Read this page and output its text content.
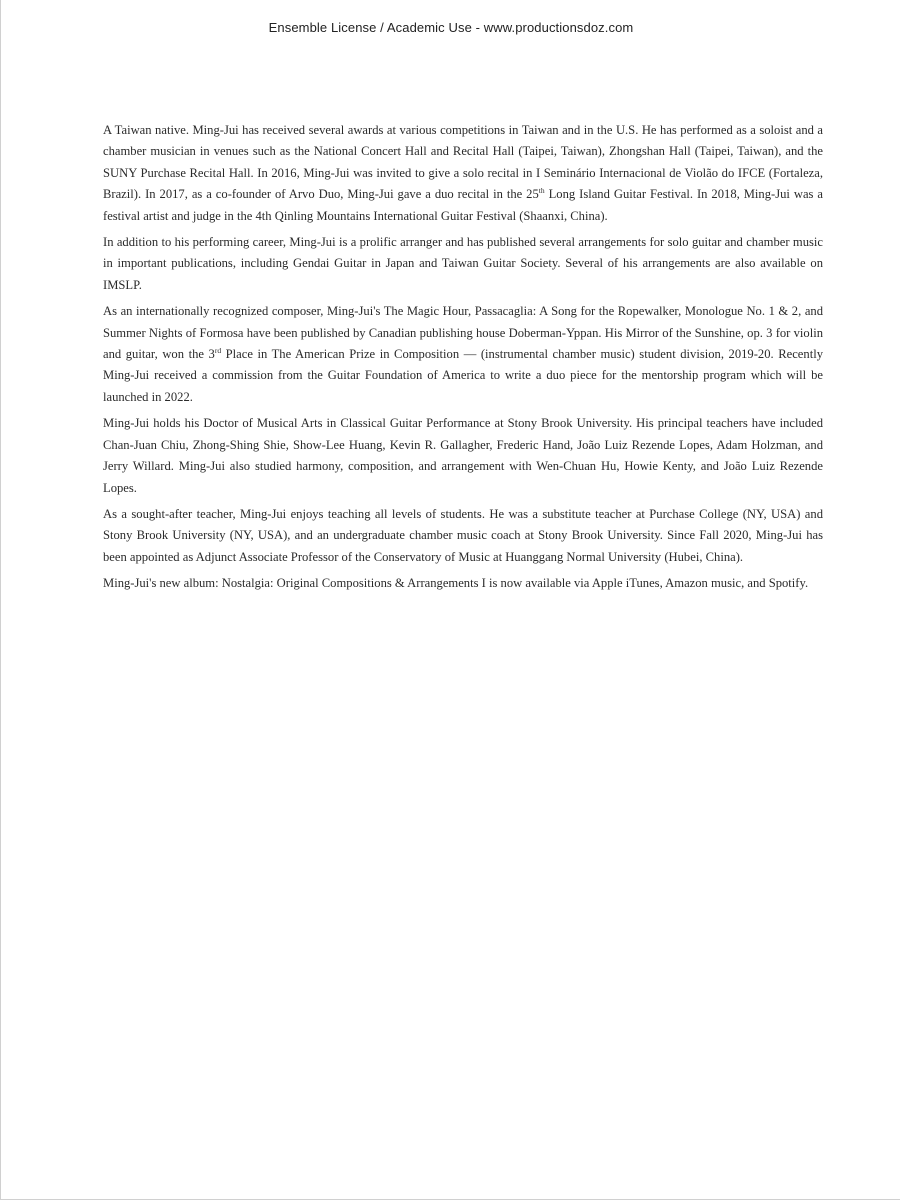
Ensemble License / Academic Use - www.productionsdoz.com

A Taiwan native. Ming-Jui has received several awards at various competitions in Taiwan and in the U.S. He has performed as a soloist and a chamber musician in venues such as the National Concert Hall and Recital Hall (Taipei, Taiwan), Zhongshan Hall (Taipei, Taiwan), and the SUNY Purchase Recital Hall. In 2016, Ming-Jui was invited to give a solo recital in I Seminário Internacional de Violão do IFCE (Fortaleza, Brazil). In 2017, as a co-founder of Arvo Duo, Ming-Jui gave a duo recital in the 25th Long Island Guitar Festival. In 2018, Ming-Jui was a festival artist and judge in the 4th Qinling Mountains International Guitar Festival (Shaanxi, China).

In addition to his performing career, Ming-Jui is a prolific arranger and has published several arrangements for solo guitar and chamber music in important publications, including Gendai Guitar in Japan and Taiwan Guitar Society. Several of his arrangements are also available on IMSLP.

As an internationally recognized composer, Ming-Jui's The Magic Hour, Passacaglia: A Song for the Ropewalker, Monologue No. 1 & 2, and Summer Nights of Formosa have been published by Canadian publishing house Doberman-Yppan. His Mirror of the Sunshine, op. 3 for violin and guitar, won the 3rd Place in The American Prize in Composition — (instrumental chamber music) student division, 2019-20. Recently Ming-Jui received a commission from the Guitar Foundation of America to write a duo piece for the mentorship program which will be launched in 2022.

Ming-Jui holds his Doctor of Musical Arts in Classical Guitar Performance at Stony Brook University. His principal teachers have included Chan-Juan Chiu, Zhong-Shing Shie, Show-Lee Huang, Kevin R. Gallagher, Frederic Hand, João Luiz Rezende Lopes, Adam Holzman, and Jerry Willard. Ming-Jui also studied harmony, composition, and arrangement with Wen-Chuan Hu, Howie Kenty, and João Luiz Rezende Lopes.

As a sought-after teacher, Ming-Jui enjoys teaching all levels of students. He was a substitute teacher at Purchase College (NY, USA) and Stony Brook University (NY, USA), and an undergraduate chamber music coach at Stony Brook University. Since Fall 2020, Ming-Jui has been appointed as Adjunct Associate Professor of the Conservatory of Music at Huanggang Normal University (Hubei, China).

Ming-Jui's new album: Nostalgia: Original Compositions & Arrangements I is now available via Apple iTunes, Amazon music, and Spotify.
